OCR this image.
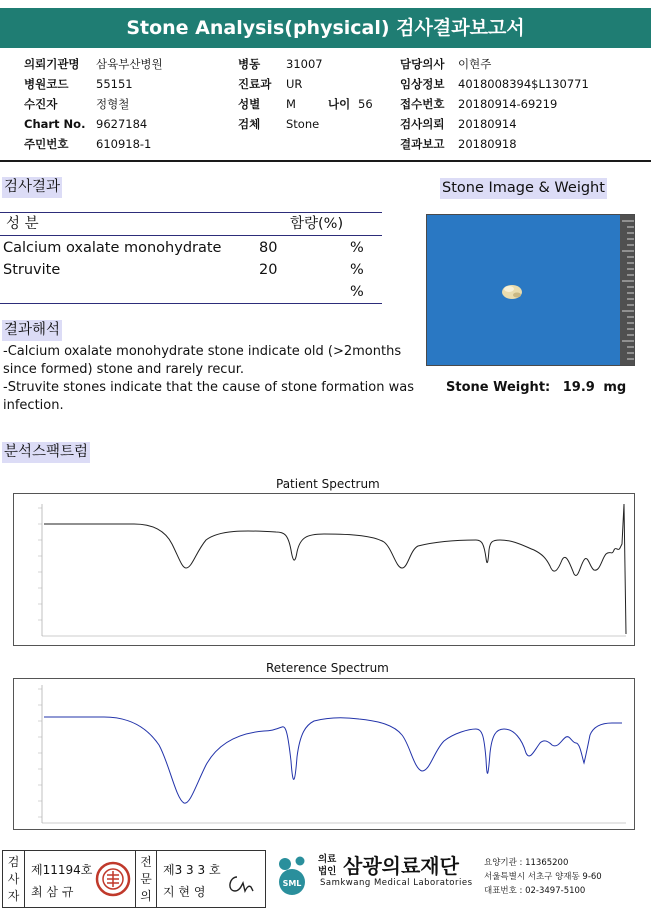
Stone Analysis(physical) 검사결과보고서
의뢰기관명	삼육부산병원
병원코드	55151
수진자	정형철
Chart No. 9627184
주민번호	610918-1
병동	31007
진료과	UR
성별	M	나이 56
검체	Stone
담당의사	이현주
임상정보	4018008394$L130771
접수번호	20180914-69219
검사의뢰	20180914
결과보고	20180918
검사결과
성 분	함량(%)
Calcium oxalate monohydrate	80	%
Struvite	20	%
%
결과해석
-Calcium oxalate monohydrate stone indicate old (>2months since formed) stone and rarely recur.
-Struvite stones indicate that the cause of stone formation was infection.
Stone Image & Weight
Stone Weight: 19.9 mg
분석스팩트럼
Patient Spectrum
Reterence Spectrum
검사자
제11194호
최 삼 규
전문의
제3 3 3 호
지 현 영
SML
의료법인 삼광의료재단
Samkwang Medical Laboratories
요양기관 : 11365200
서울특별시 서초구 양재동 9-60
대표번호 : 02-3497-5100
